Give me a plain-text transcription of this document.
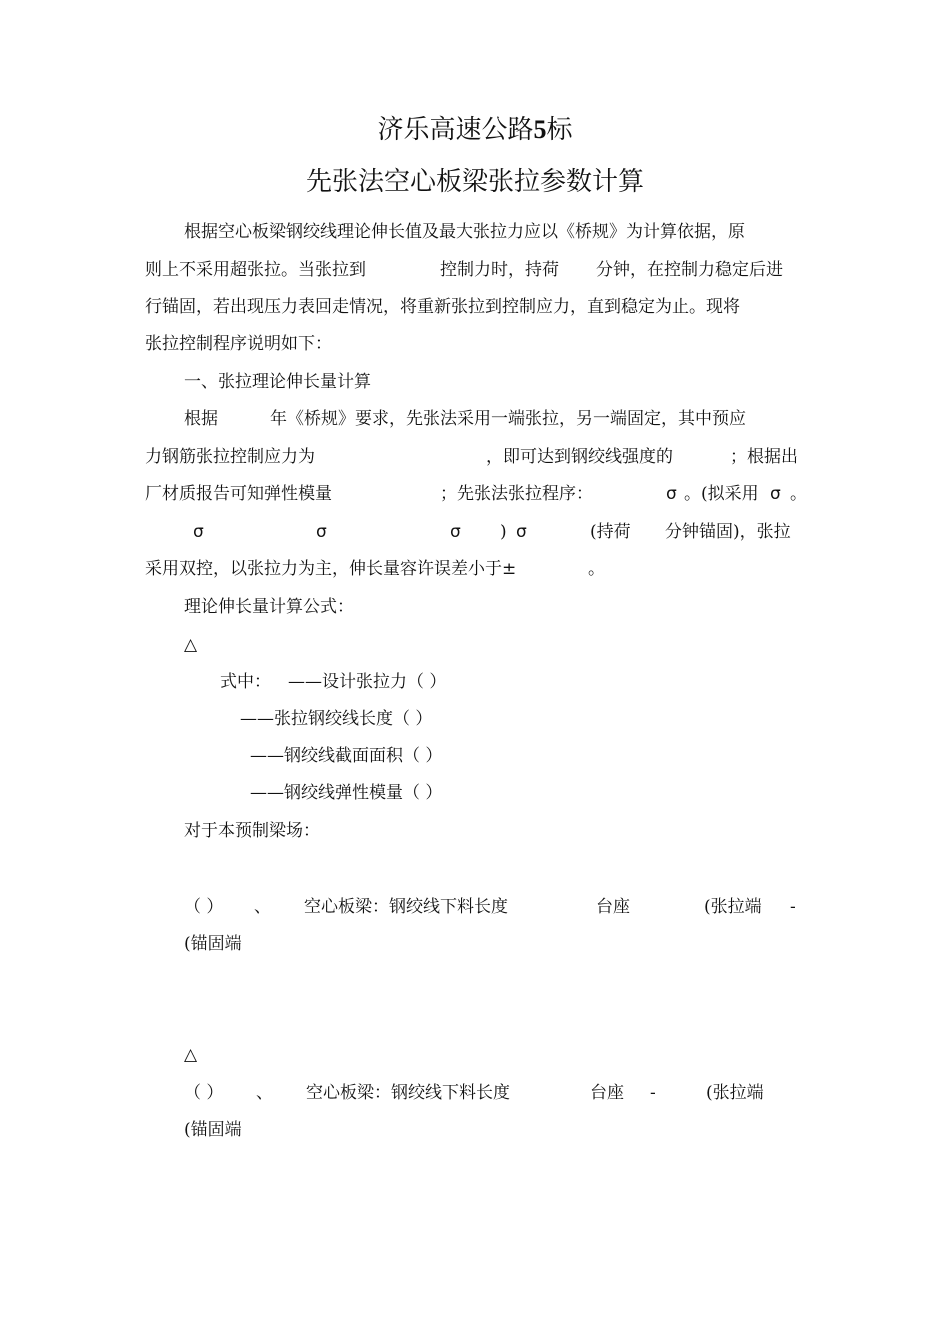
济乐高速公路5标
先张法空心板梁张拉参数计算
根据空心板梁钢绞线理论伸长值及最大张拉力应以《桥规》为计算依据，原
则上不采用超张拉。当张拉到	控制力时，持荷 分钟，在控制力稳定后进
行锚固，若出现压力表回走情况，将重新张拉到控制应力，直到稳定为止。现将
张拉控制程序说明如下：
一、张拉理论伸长量计算
根据	年《桥规》要求，先张法采用一端张拉，另一端固定，其中预应
力钢筋张拉控制应力为	，即可达到钢绞线强度的	；根据出
厂材质报告可知弹性模量	；先张法张拉程序：	σ 。(拟采用 σ 。
σ	σ	σ ) σ	(持荷 分钟锚固)，张拉
采用双控，以张拉力为主，伸长量容许误差小于±	。
理论伸长量计算公式：
△
式中： ——设计张拉力（ ）
——张拉钢绞线长度（ ）
——钢绞线截面面积（ ）
——钢绞线弹性模量（ ）
对于本预制梁场：
（ ） 、 空心板梁：钢绞线下料长度	台座	(张拉端 -
(锚固端
△
（ ） 、 空心板梁：钢绞线下料长度	台座 -	(张拉端
(锚固端
